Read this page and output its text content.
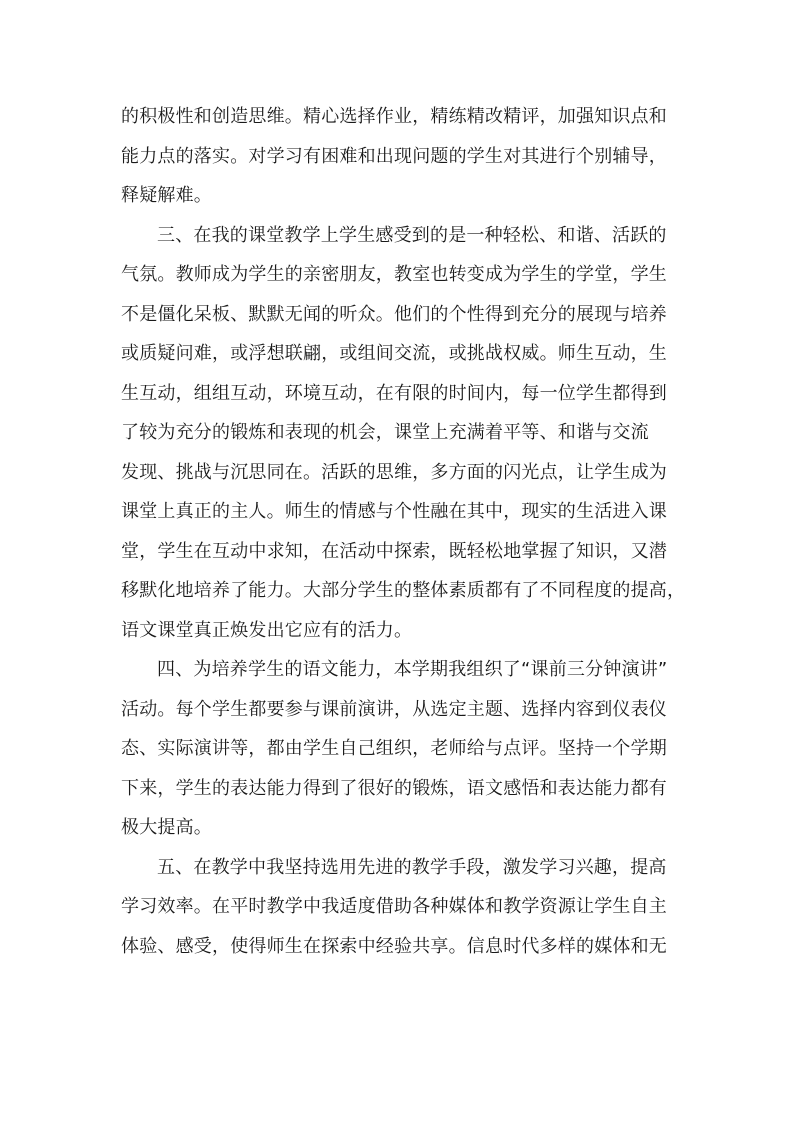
的积极性和创造思维。精心选择作业，精练精改精评，加强知识点和
能力点的落实。对学习有困难和出现问题的学生对其进行个别辅导，
释疑解难。
三、在我的课堂教学上学生感受到的是一种轻松、和谐、活跃的
气氛。教师成为学生的亲密朋友，教室也转变成为学生的学堂，学生
不是僵化呆板、默默无闻的听众。他们的个性得到充分的展现与培养
或质疑问难，或浮想联翩，或组间交流，或挑战权威。师生互动，生
生互动，组组互动，环境互动，在有限的时间内，每一位学生都得到
了较为充分的锻炼和表现的机会，课堂上充满着平等、和谐与交流
发现、挑战与沉思同在。活跃的思维，多方面的闪光点，让学生成为
课堂上真正的主人。师生的情感与个性融在其中，现实的生活进入课
堂，学生在互动中求知，在活动中探索，既轻松地掌握了知识，又潜
移默化地培养了能力。大部分学生的整体素质都有了不同程度的提高，
语文课堂真正焕发出它应有的活力。
四、为培养学生的语文能力，本学期我组织了“课前三分钟演讲”
活动。每个学生都要参与课前演讲，从选定主题、选择内容到仪表仪
态、实际演讲等，都由学生自己组织，老师给与点评。坚持一个学期
下来，学生的表达能力得到了很好的锻炼，语文感悟和表达能力都有
极大提高。
五、在教学中我坚持选用先进的教学手段，激发学习兴趣，提高
学习效率。在平时教学中我适度借助各种媒体和教学资源让学生自主
体验、感受，使得师生在探索中经验共享。信息时代多样的媒体和无
